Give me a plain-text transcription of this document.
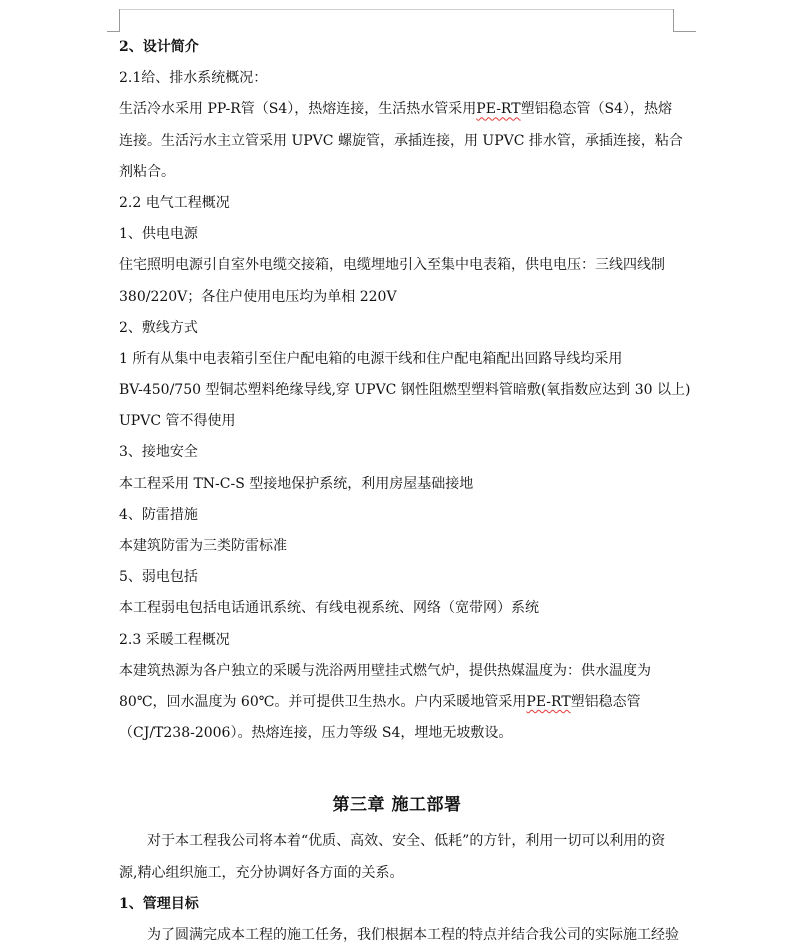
2、设计简介
2.1给、排水系统概况：
生活冷水采用 PP-R管（S4），热熔连接，生活热水管采用PE-RT塑铝稳态管（S4），热熔
连接。生活污水主立管采用 UPVC 螺旋管，承插连接，用 UPVC 排水管，承插连接，粘合
剂粘合。
2.2 电气工程概况
1、供电电源
住宅照明电源引自室外电缆交接箱，电缆埋地引入至集中电表箱，供电电压：三线四线制
380/220V；各住户使用电压均为单相 220V
2、敷线方式
1 所有从集中电表箱引至住户配电箱的电源干线和住户配电箱配出回路导线均采用
BV-450/750 型铜芯塑料绝缘导线,穿 UPVC 钢性阻燃型塑料管暗敷(氧指数应达到 30 以上)
UPVC 管不得使用
3、接地安全
本工程采用 TN-C-S 型接地保护系统，利用房屋基础接地
4、防雷措施
本建筑防雷为三类防雷标准
5、弱电包括
本工程弱电包括电话通讯系统、有线电视系统、网络（宽带网）系统
2.3 采暖工程概况
本建筑热源为各户独立的采暖与洗浴两用壁挂式燃气炉，提供热媒温度为：供水温度为
80℃，回水温度为 60℃。并可提供卫生热水。户内采暖地管采用PE-RT塑铝稳态管
（CJ/T238-2006）。热熔连接，压力等级 S4，埋地无坡敷设。
第三章 施工部署
对于本工程我公司将本着“优质、高效、安全、低耗”的方针，利用一切可以利用的资
源,精心组织施工，充分协调好各方面的关系。
1、管理目标
为了圆满完成本工程的施工任务，我们根据本工程的特点并结合我公司的实际施工经验
